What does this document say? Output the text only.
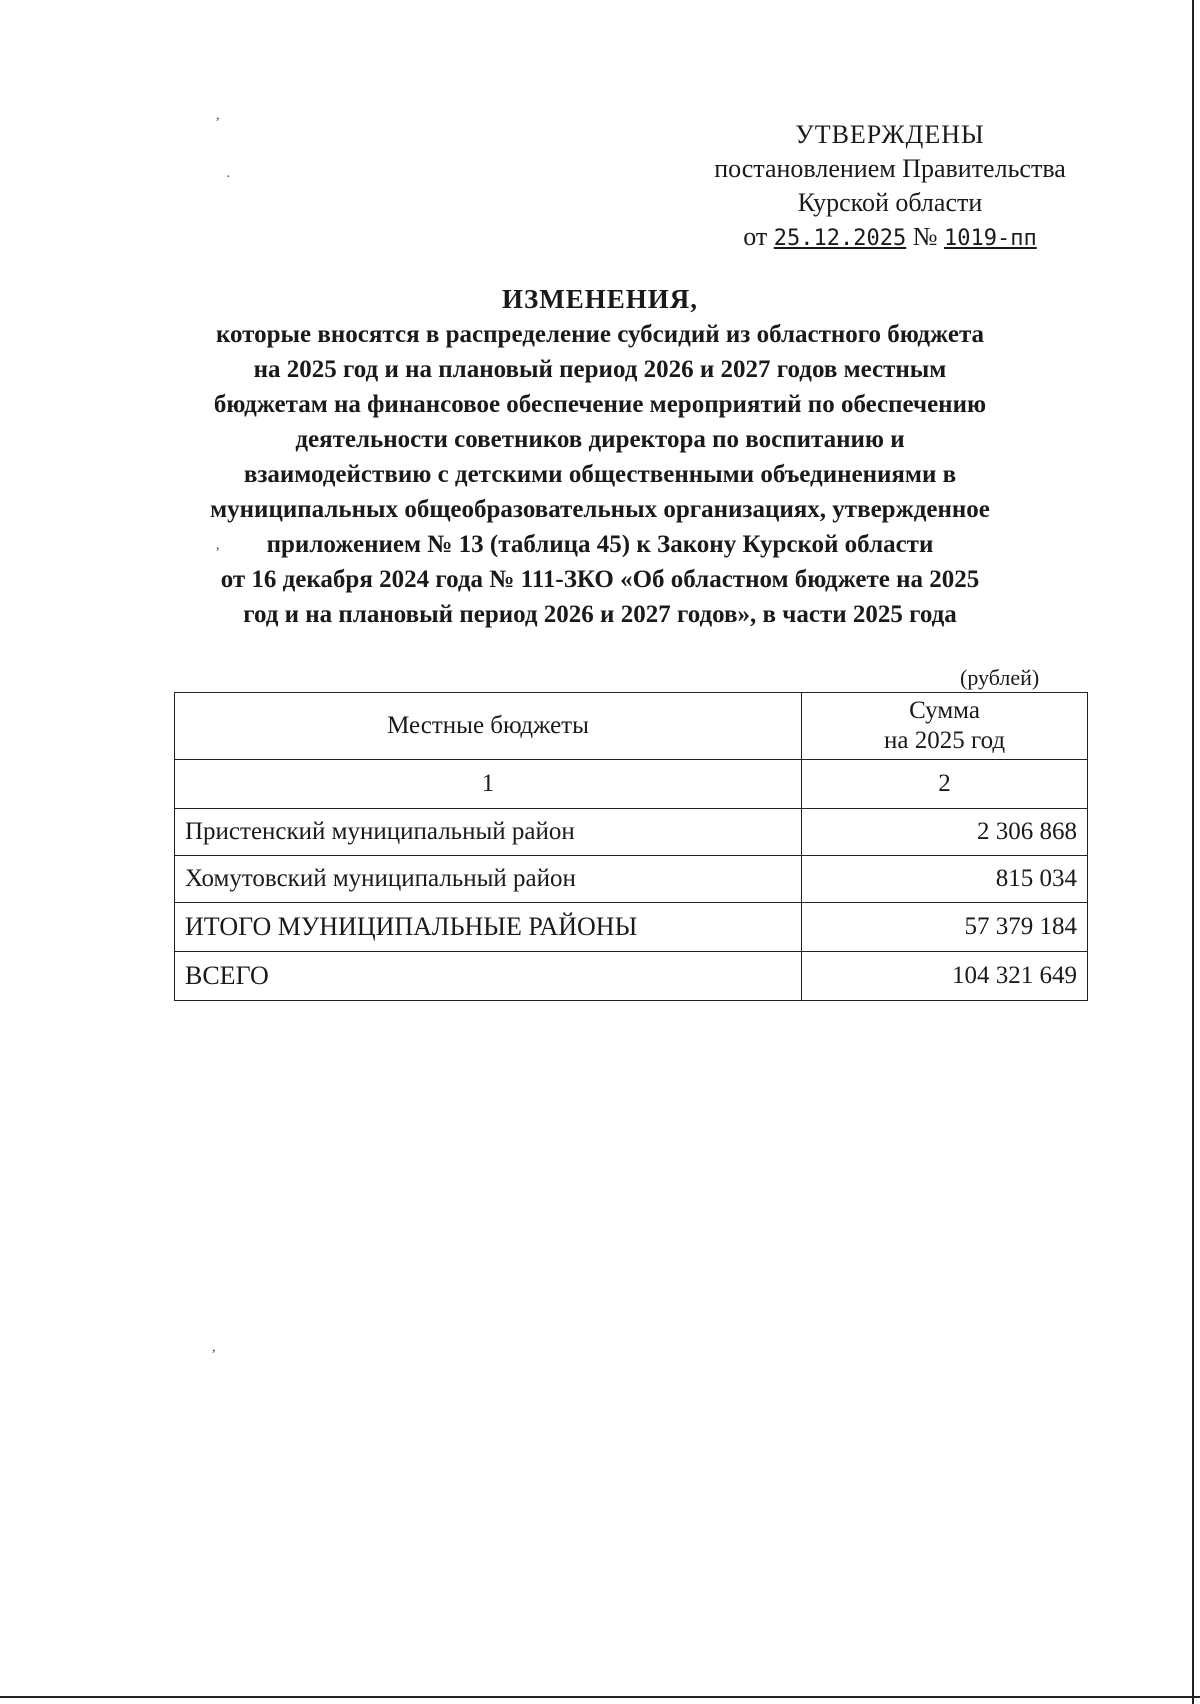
,
·
,
,
УТВЕРЖДЕНЫ
постановлением Правительства
Курской области
от 25.12.2025 № 1019-пп
ИЗМЕНЕНИЯ,
которые вносятся в распределение субсидий из областного бюджета
на 2025 год и на плановый период 2026 и 2027 годов местным
бюджетам на финансовое обеспечение мероприятий по обеспечению
деятельности советников директора по воспитанию и
взаимодействию с детскими общественными объединениями в
муниципальных общеобразовательных организациях, утвержденное
приложением № 13 (таблица 45) к Закону Курской области
от 16 декабря 2024 года № 111-ЗКО «Об областном бюджете на 2025
год и на плановый период 2026 и 2027 годов», в части 2025 года
(рублей)
Местные бюджеты	Сумма
на 2025 год

1	2
Пристенский муниципальный район	2 306 868
Хомутовский муниципальный район	815 034
ИТОГО МУНИЦИПАЛЬНЫЕ РАЙОНЫ	57 379 184
ВСЕГО	104 321 649
